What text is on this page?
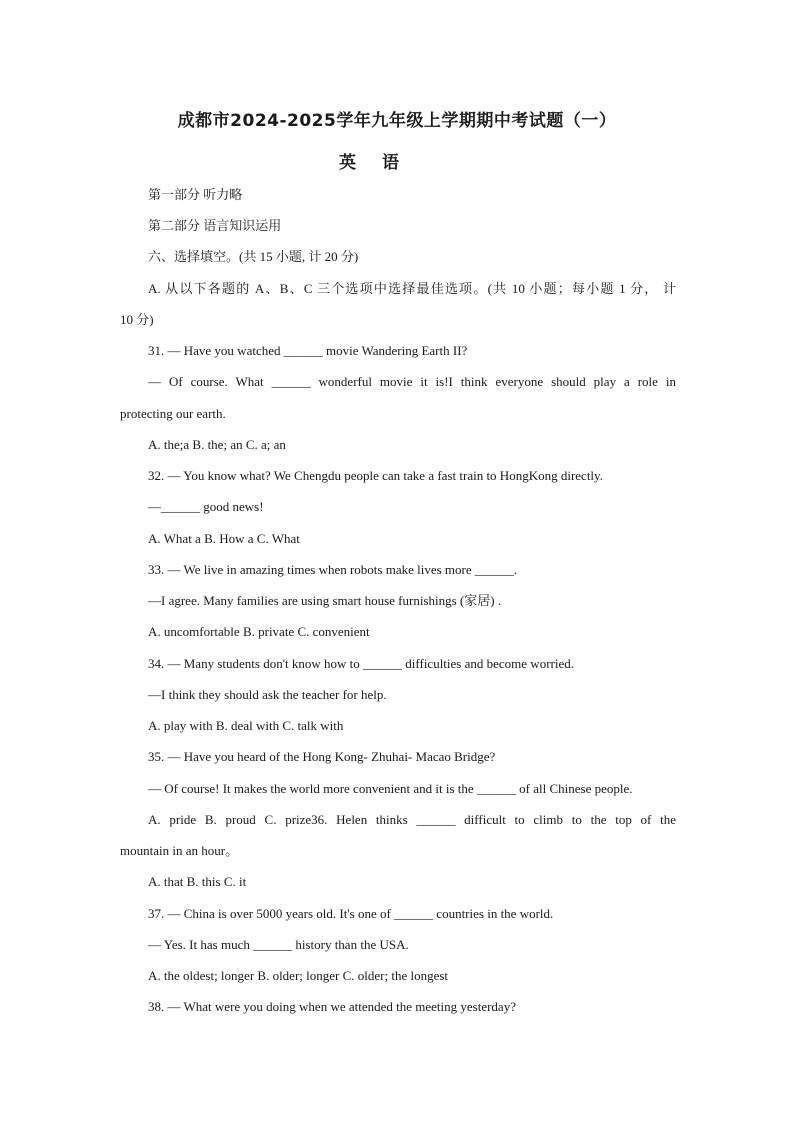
成都市2024-2025学年九年级上学期期中考试题（一）
英语
第一部分 听力略
第二部分 语言知识运用
六、选择填空。(共 15 小题, 计 20 分)
A. 从以下各题的 A、B、C 三个选项中选择最佳选项。(共 10 小题；每小题 1 分， 计
10 分)
31. — Have you watched ______ movie Wandering Earth II?
— Of course. What ______ wonderful movie it is!I think everyone should play a role in
protecting our earth.
A. the;a B. the; an C. a; an
32. — You know what? We Chengdu people can take a fast train to HongKong directly.
—______ good news!
A. What a B. How a C. What
33. — We live in amazing times when robots make lives more ______.
—I agree. Many families are using smart house furnishings (家居) .
A. uncomfortable B. private C. convenient
34. — Many students don't know how to ______ difficulties and become worried.
—I think they should ask the teacher for help.
A. play with B. deal with C. talk with
35. — Have you heard of the Hong Kong- Zhuhai- Macao Bridge?
— Of course! It makes the world more convenient and it is the ______ of all Chinese people.
A. pride B. proud C. prize36. Helen thinks ______ difficult to climb to the top of the
mountain in an hour。
A. that B. this C. it
37. — China is over 5000 years old. It's one of ______ countries in the world.
— Yes. It has much ______ history than the USA.
A. the oldest; longer B. older; longer C. older; the longest
38. — What were you doing when we attended the meeting yesterday?
